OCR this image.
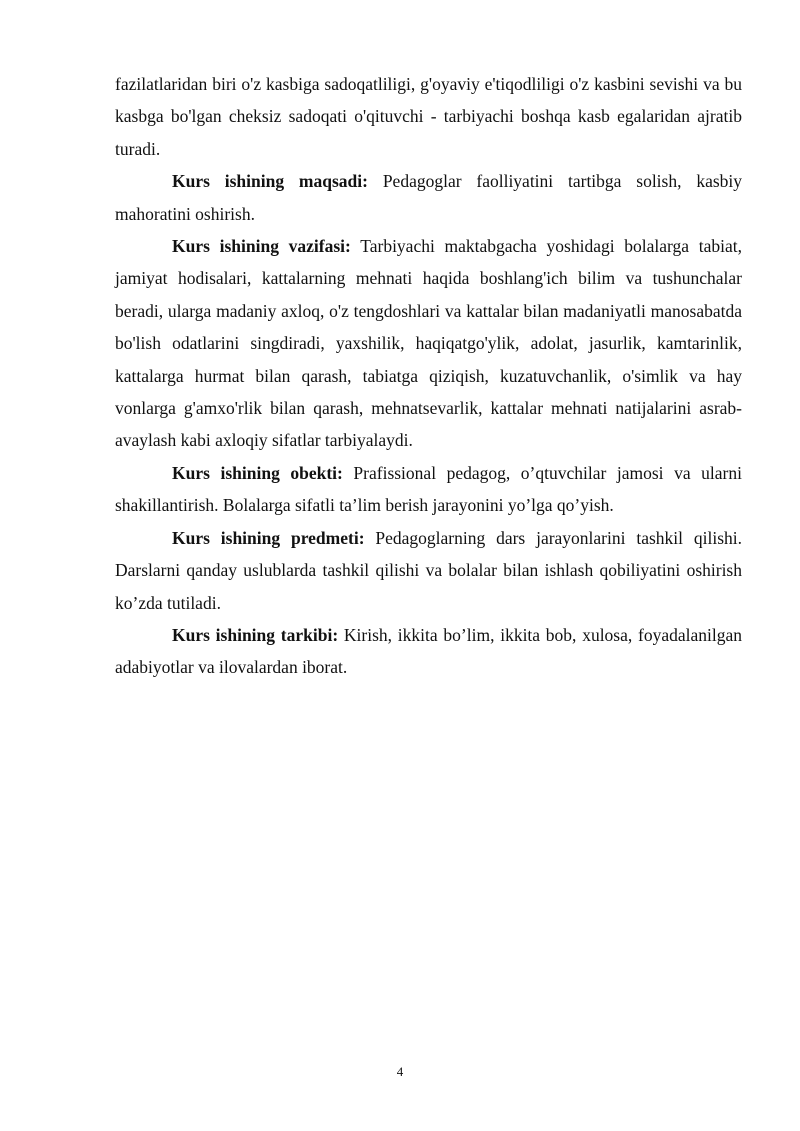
fazilatlaridan biri o'z kasbiga sadoqatliligi, g'oyaviy e'tiqodliligi o'z kasbini sevishi va bu kasbga bo'lgan cheksiz sadoqati o'qituvchi - tarbiyachi boshqa kasb egalaridan ajratib turadi.

Kurs ishining maqsadi: Pedagoglar faolliyatini tartibga solish, kasbiy mahoratini oshirish.

Kurs ishining vazifasi: Tarbiyachi maktabgacha yoshidagi bolalarga tabiat, jamiyat hodisalari, kattalarning mehnati haqida boshlang'ich bilim va tushunchalar beradi, ularga madaniy axloq, o'z tengdoshlari va kattalar bilan madaniyatli manosabatda bo'lish odatlarini singdiradi, yaxshilik, haqiqatgo'ylik, adolat, jasurlik, kamtarinlik, kattalarga hurmat bilan qarash, tabiatga qiziqish, kuzatuvchanlik, o'simlik va hay vonlarga g'amxo'rlik bilan qarash, mehnatsevarlik, kattalar mehnati natijalarini asrab-avaylash kabi axloqiy sifatlar tarbiyalaydi.

Kurs ishining obekti: Prafissional pedagog, o’qtuvchilar jamosi va ularni shakillantirish. Bolalarga sifatli ta’lim berish jarayonini yo’lga qo’yish.

Kurs ishining predmeti: Pedagoglarning dars jarayonlarini tashkil qilishi. Darslarni qanday uslublarda tashkil qilishi va bolalar bilan ishlash qobiliyatini oshirish ko’zda tutiladi.

Kurs ishining tarkibi: Kirish, ikkita bo’lim, ikkita bob, xulosa, foyadalanilgan adabiyotlar va ilovalardan iborat.

4
